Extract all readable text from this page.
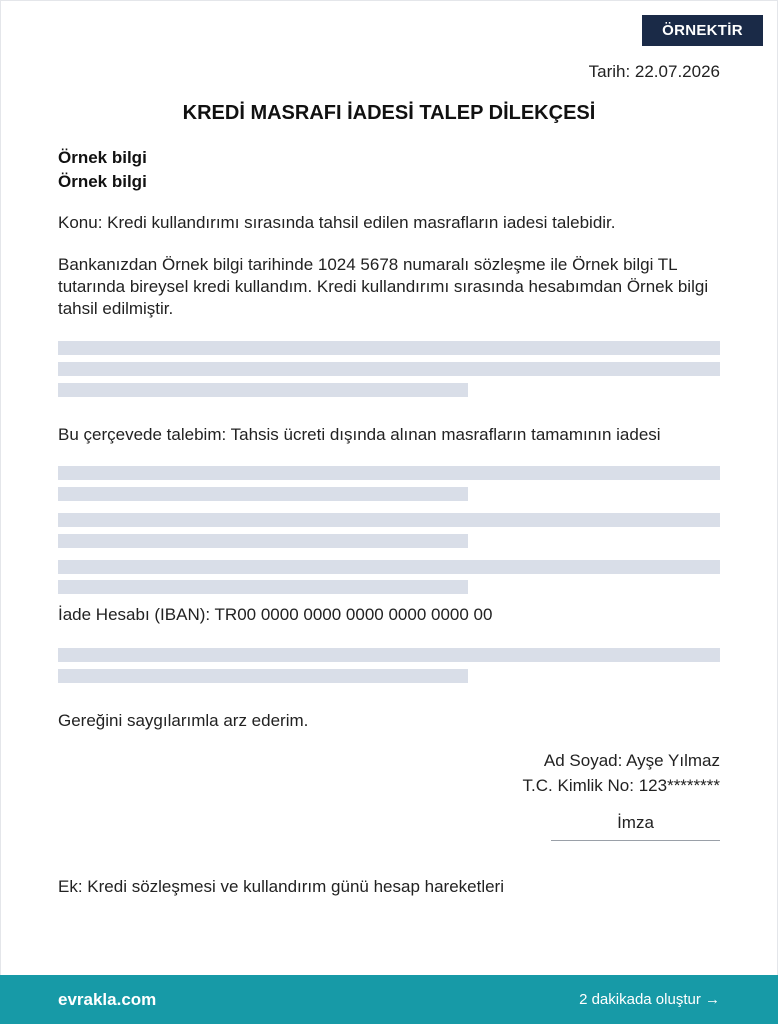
ÖRNEKTİR
Tarih: 22.07.2026
KREDİ MASRAFI İADESİ TALEP DİLEKÇESİ
Örnek bilgi
Örnek bilgi
Konu: Kredi kullandırımı sırasında tahsil edilen masrafların iadesi talebidir.
Bankanızdan Örnek bilgi tarihinde 1024 5678 numaralı sözleşme ile Örnek bilgi TL tutarında bireysel kredi kullandım. Kredi kullandırımı sırasında hesabımdan Örnek bilgi tahsil edilmiştir.
Bu çerçevede talebim: Tahsis ücreti dışında alınan masrafların tamamının iadesi
İade Hesabı (IBAN): TR00 0000 0000 0000 0000 0000 00
Gereğini saygılarımla arz ederim.
Ad Soyad: Ayşe Yılmaz
T.C. Kimlik No: 123********
İmza
Ek: Kredi sözleşmesi ve kullandırım günü hesap hareketleri
evrakla.com	2 dakikada oluştur →
